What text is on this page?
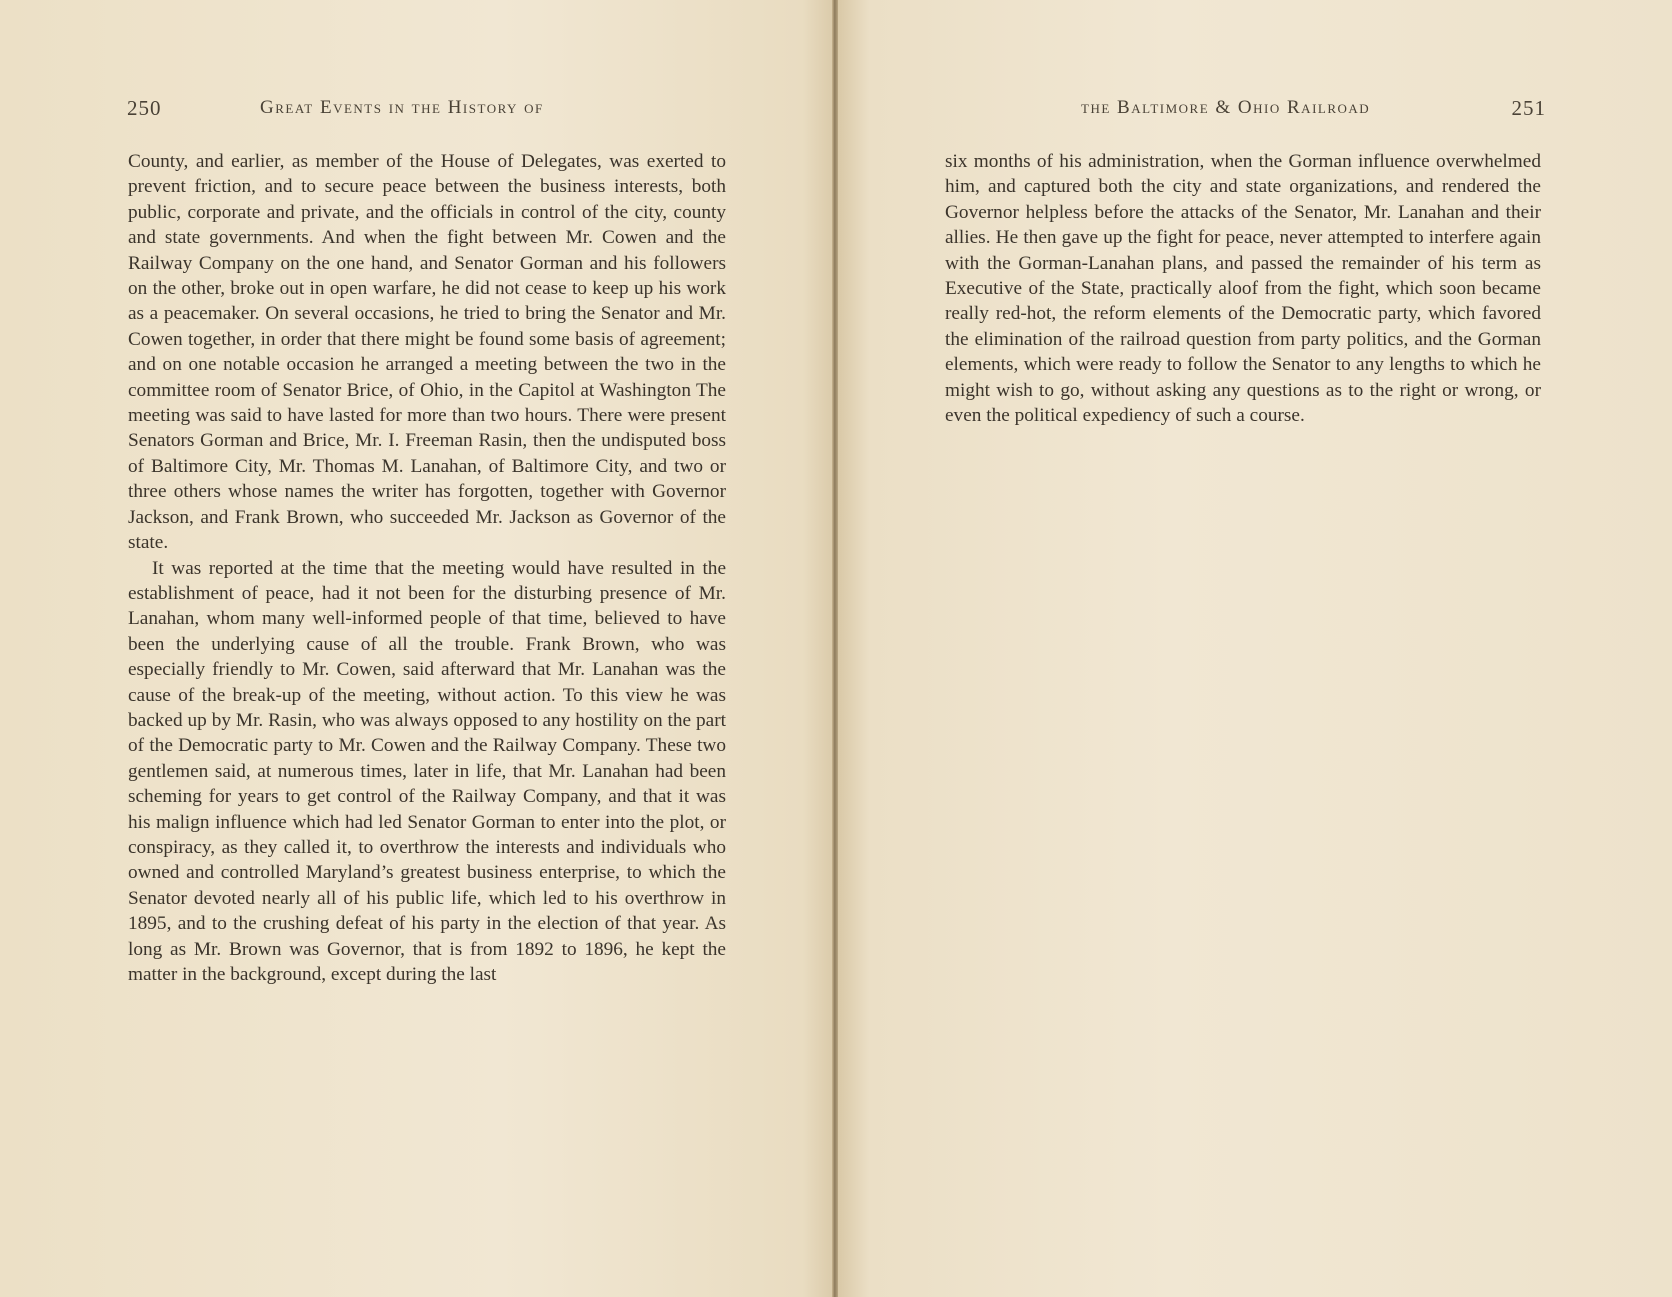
250	Great Events in the History of

County, and earlier, as member of the House of Delegates, was exerted to prevent friction, and to secure peace between the business interests, both public, corporate and private, and the officials in control of the city, county and state governments. And when the fight between Mr. Cowen and the Railway Company on the one hand, and Senator Gorman and his followers on the other, broke out in open warfare, he did not cease to keep up his work as a peacemaker. On several occasions, he tried to bring the Senator and Mr. Cowen together, in order that there might be found some basis of agreement; and on one notable occasion he arranged a meeting between the two in the committee room of Senator Brice, of Ohio, in the Capitol at Washington The meeting was said to have lasted for more than two hours. There were present Senators Gorman and Brice, Mr. I. Freeman Rasin, then the undisputed boss of Baltimore City, Mr. Thomas M. Lanahan, of Baltimore City, and two or three others whose names the writer has forgotten, together with Governor Jackson, and Frank Brown, who succeeded Mr. Jackson as Governor of the state.

It was reported at the time that the meeting would have resulted in the establishment of peace, had it not been for the disturbing presence of Mr. Lanahan, whom many well-informed people of that time, believed to have been the underlying cause of all the trouble. Frank Brown, who was especially friendly to Mr. Cowen, said afterward that Mr. Lanahan was the cause of the break-up of the meeting, without action. To this view he was backed up by Mr. Rasin, who was always opposed to any hostility on the part of the Democratic party to Mr. Cowen and the Railway Company. These two gentlemen said, at numerous times, later in life, that Mr. Lanahan had been scheming for years to get control of the Railway Company, and that it was his malign influence which had led Senator Gorman to enter into the plot, or conspiracy, as they called it, to overthrow the interests and individuals who owned and controlled Maryland’s greatest business enterprise, to which the Senator devoted nearly all of his public life, which led to his overthrow in 1895, and to the crushing defeat of his party in the election of that year. As long as Mr. Brown was Governor, that is from 1892 to 1896, he kept the matter in the background, except during the last

the Baltimore & Ohio Railroad	251

six months of his administration, when the Gorman influence overwhelmed him, and captured both the city and state organizations, and rendered the Governor helpless before the attacks of the Senator, Mr. Lanahan and their allies. He then gave up the fight for peace, never attempted to interfere again with the Gorman-Lanahan plans, and passed the remainder of his term as Executive of the State, practically aloof from the fight, which soon became really red-hot, the reform elements of the Democratic party, which favored the elimination of the railroad question from party politics, and the Gorman elements, which were ready to follow the Senator to any lengths to which he might wish to go, without asking any questions as to the right or wrong, or even the political expediency of such a course.
